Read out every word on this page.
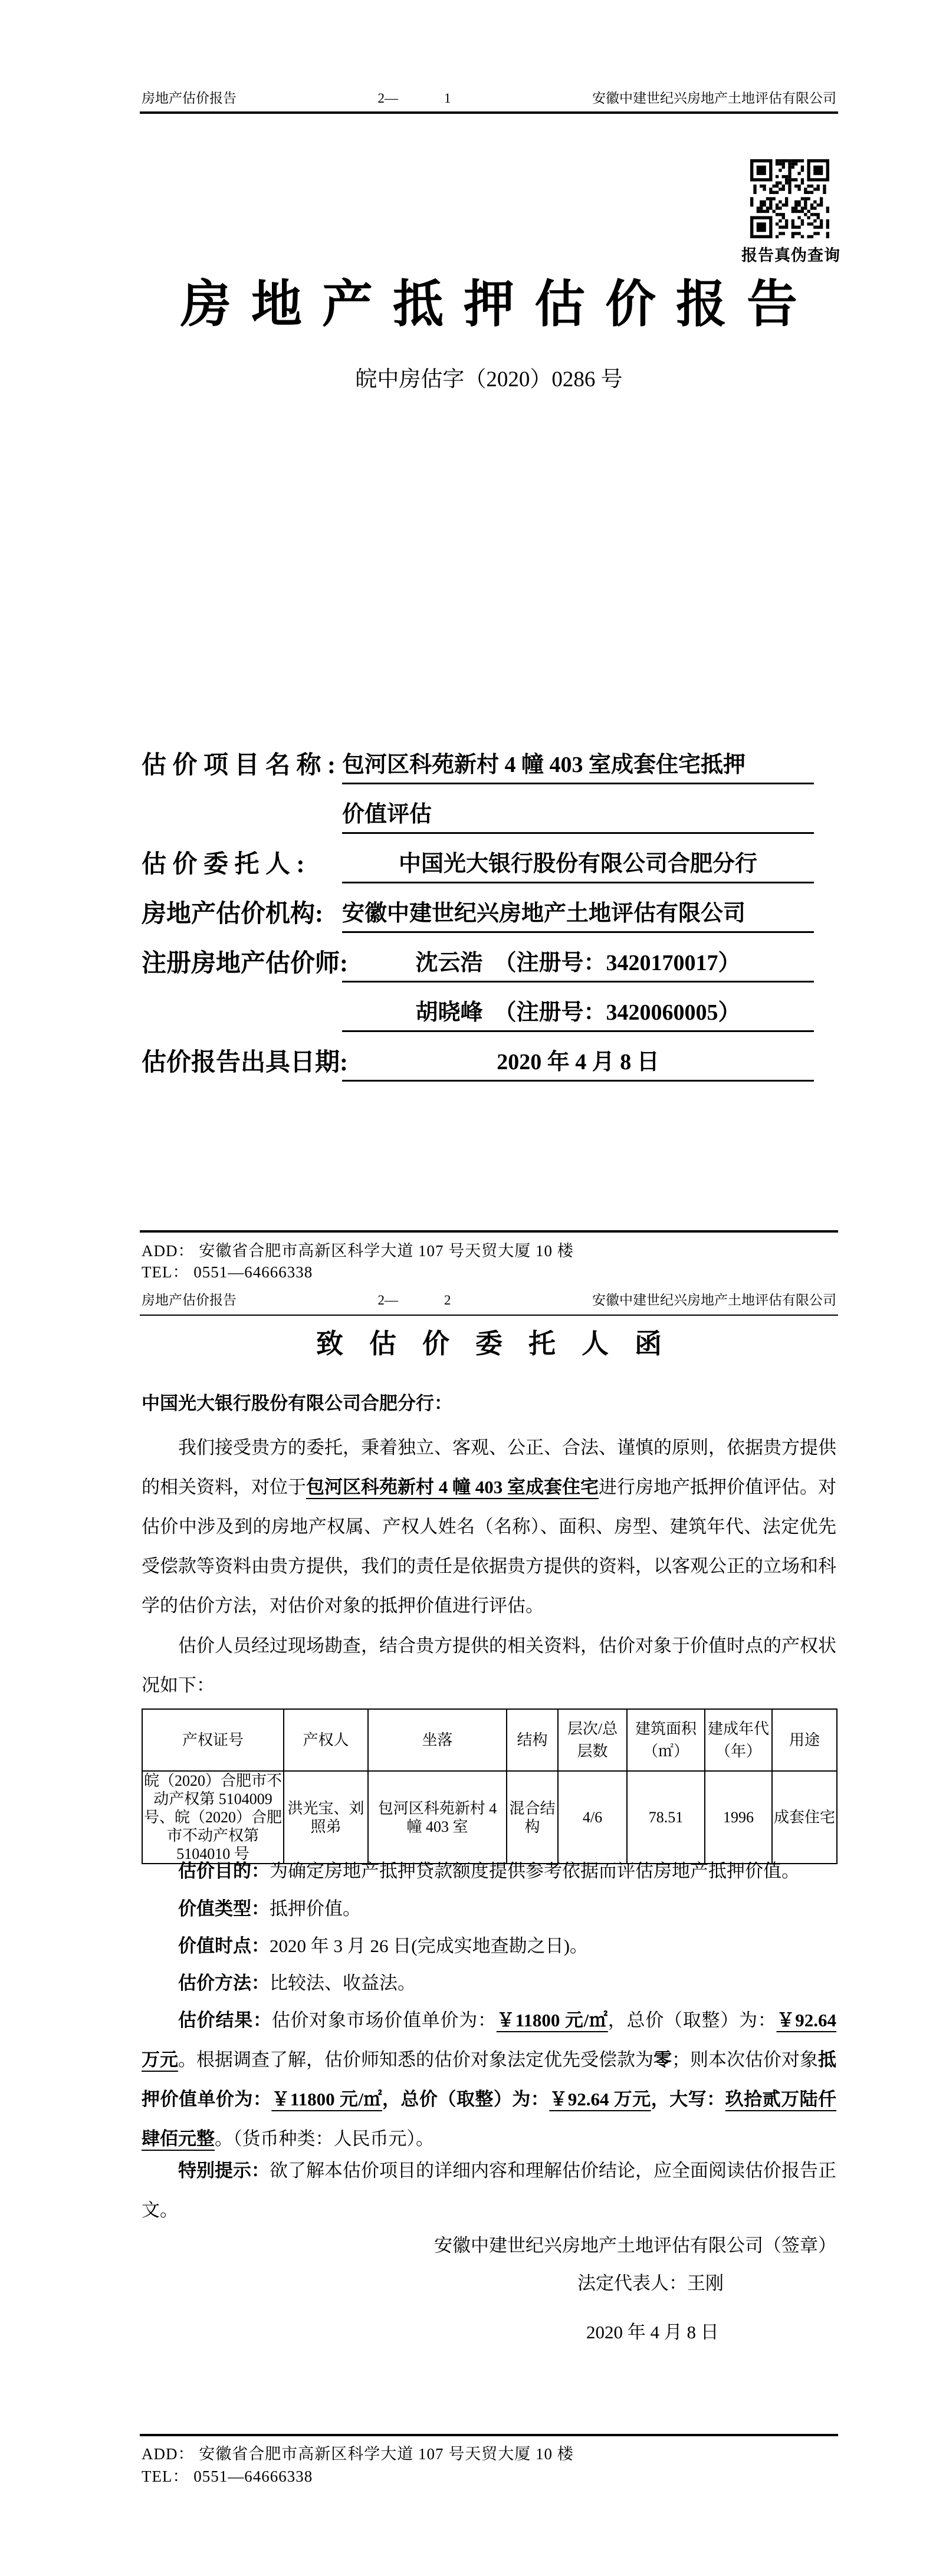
房地产估价报告	2—	1	安徽中建世纪兴房地产土地评估有限公司
报告真伪查询
房地产抵押估价报告
皖中房估字（2020）0286 号
估 价 项 目 名 称 : 包河区科苑新村 4 幢 403 室成套住宅抵押
价值评估
估 价 委 托 人 :	中国光大银行股份有限公司合肥分行
房地产估价机构: 安徽中建世纪兴房地产土地评估有限公司
注册房地产估价师:	沈云浩　（注册号：3420170017）
胡晓峰　（注册号：3420060005）
估价报告出具日期:	2020 年 4 月 8 日
ADD： 安徽省合肥市高新区科学大道 107 号天贸大厦 10 楼
TEL： 0551—64666338
房地产估价报告	2—	2	安徽中建世纪兴房地产土地评估有限公司
致估价委托人函
中国光大银行股份有限公司合肥分行：

我们接受贵方的委托，秉着独立、客观、公正、合法、谨慎的原则，依据贵方提供的相关资料，对位于包河区科苑新村 4 幢 403 室成套住宅进行房地产抵押价值评估。对估价中涉及到的房地产权属、产权人姓名（名称）、面积、房型、建筑年代、法定优先受偿款等资料由贵方提供，我们的责任是依据贵方提供的资料，以客观公正的立场和科学的估价方法，对估价对象的抵押价值进行评估。

估价人员经过现场勘查，结合贵方提供的相关资料，估价对象于价值时点的产权状况如下：

产权证号	产权人	坐落	结构	层次/总层数	建筑面积（㎡）	建成年代（年）	用途
皖（2020）合肥市不动产权第 5104009 号、皖（2020）合肥市不动产权第 5104010 号	洪光宝、刘照弟	包河区科苑新村 4 幢 403 室	混合结构	4/6	78.51	1996	成套住宅
估价目的：为确定房地产抵押贷款额度提供参考依据而评估房地产抵押价值。
价值类型：抵押价值。
价值时点：2020 年 3 月 26 日(完成实地查勘之日)。
估价方法：比较法、收益法。

估价结果：估价对象市场价值单价为：￥11800 元/㎡，总价（取整）为：￥92.64 万元。根据调查了解，估价师知悉的估价对象法定优先受偿款为零；则本次估价对象抵押价值单价为：￥11800 元/㎡，总价（取整）为：￥92.64 万元，大写：玖拾贰万陆仟肆佰元整。（货币种类：人民币元）。

特别提示：欲了解本估价项目的详细内容和理解估价结论，应全面阅读估价报告正文。

安徽中建世纪兴房地产土地评估有限公司（签章）
法定代表人：王刚
2020 年 4 月 8 日
ADD： 安徽省合肥市高新区科学大道 107 号天贸大厦 10 楼
TEL： 0551—64666338
